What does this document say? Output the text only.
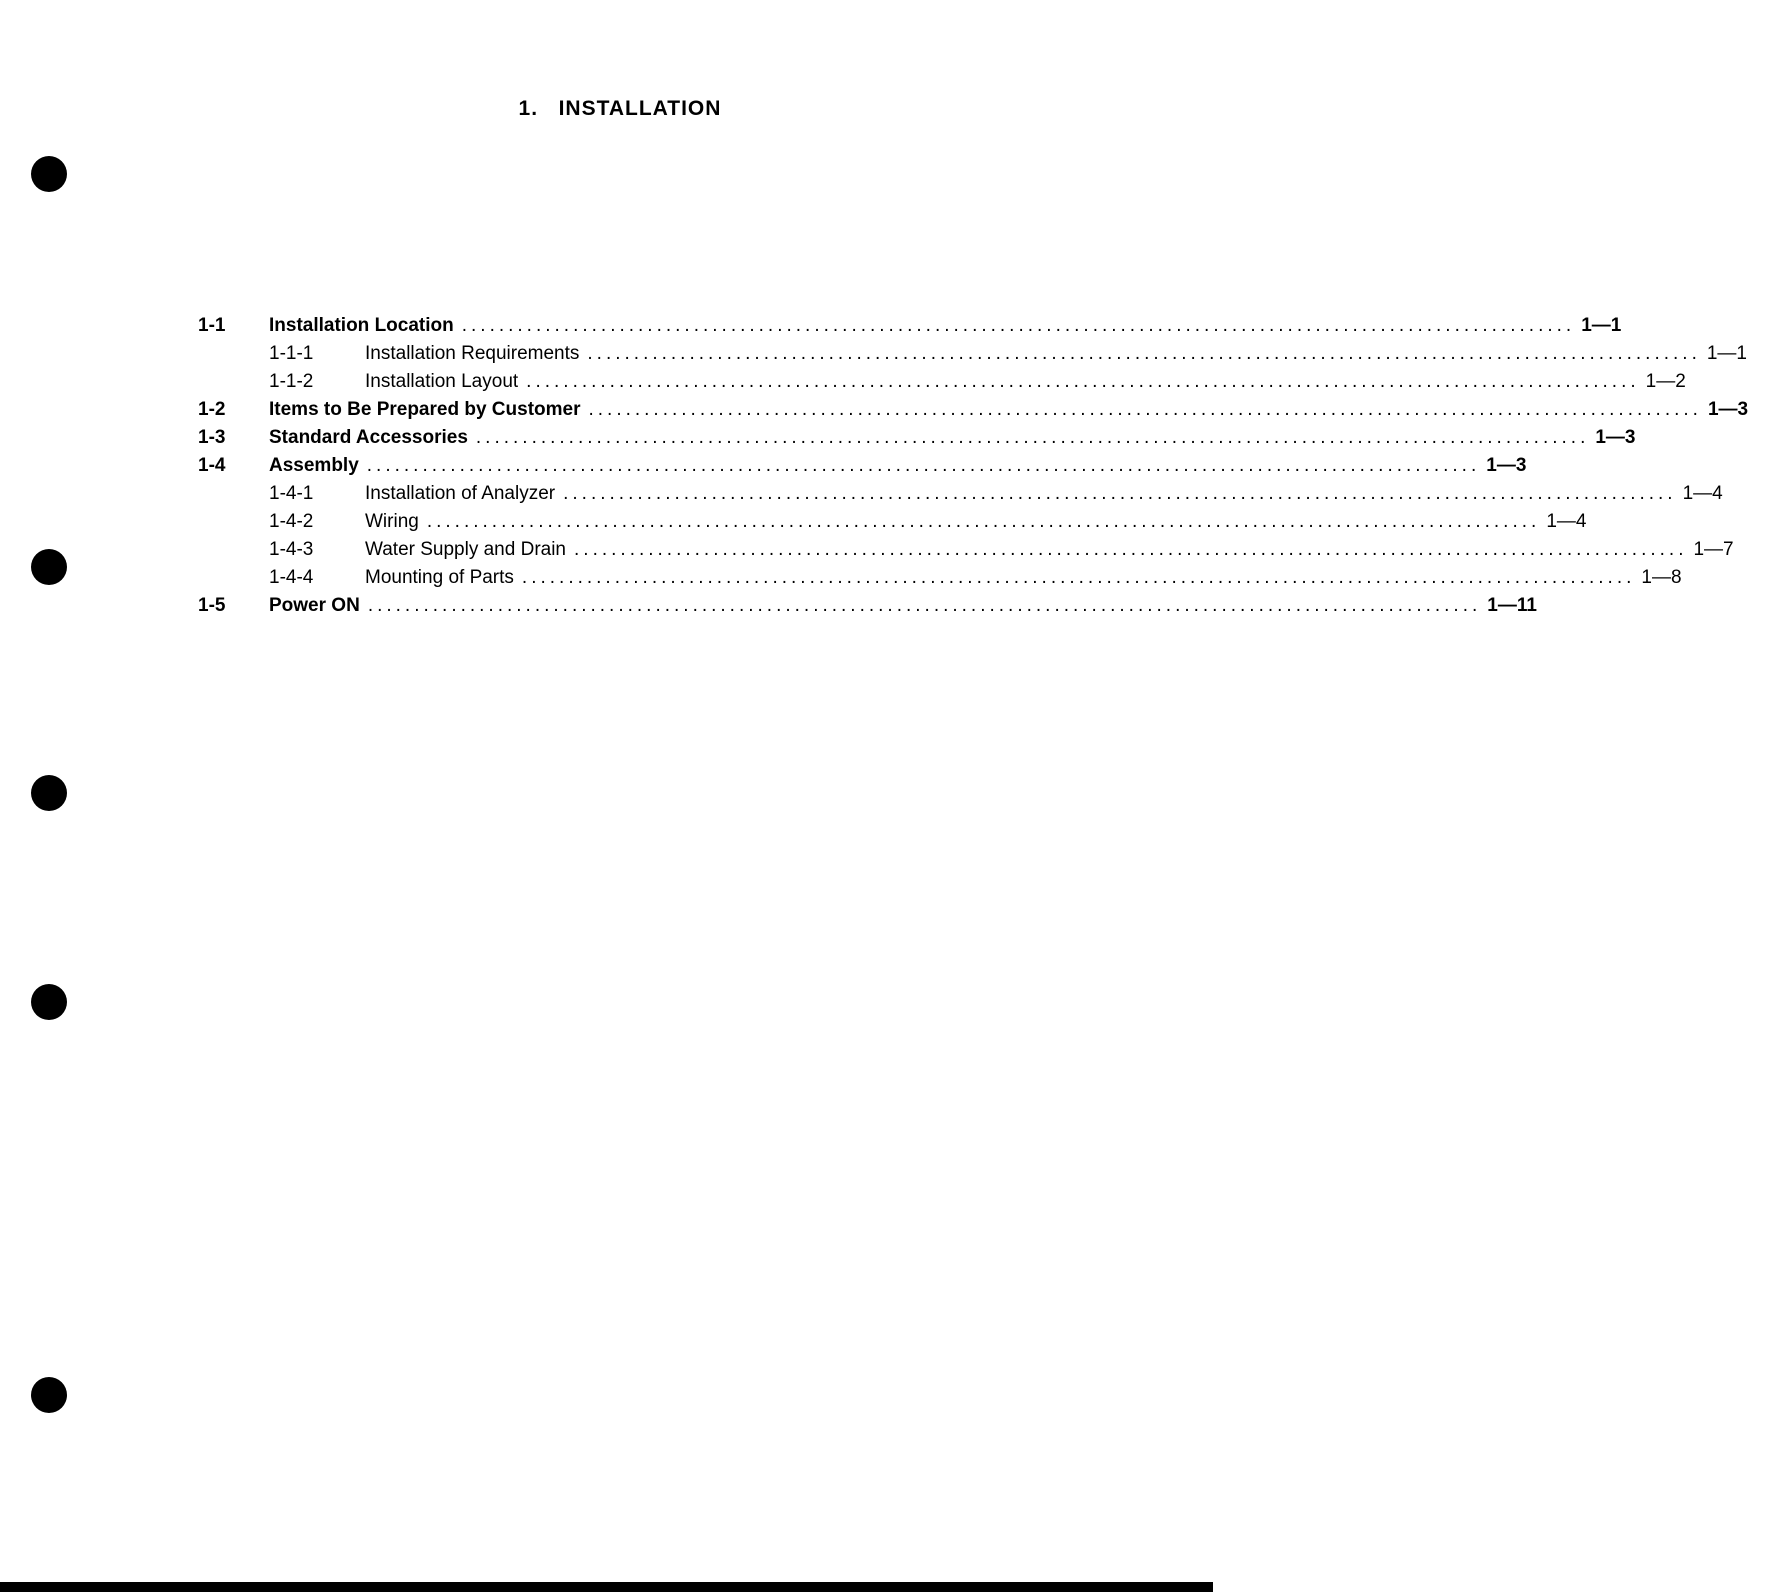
1.   INSTALLATION
1-1	Installation Location ........................................................................................................................ 1—1
1-1-1	Installation Requirements ........................................................................................................................ 1—1
1-1-2	Installation Layout ........................................................................................................................ 1—2
1-2	Items to Be Prepared by Customer ........................................................................................................................ 1—3
1-3	Standard Accessories ........................................................................................................................ 1—3
1-4	Assembly ........................................................................................................................ 1—3
1-4-1	Installation of Analyzer ........................................................................................................................ 1—4
1-4-2	Wiring ........................................................................................................................ 1—4
1-4-3	Water Supply and Drain ........................................................................................................................ 1—7
1-4-4	Mounting of Parts ........................................................................................................................ 1—8
1-5	Power ON ........................................................................................................................ 1—11
